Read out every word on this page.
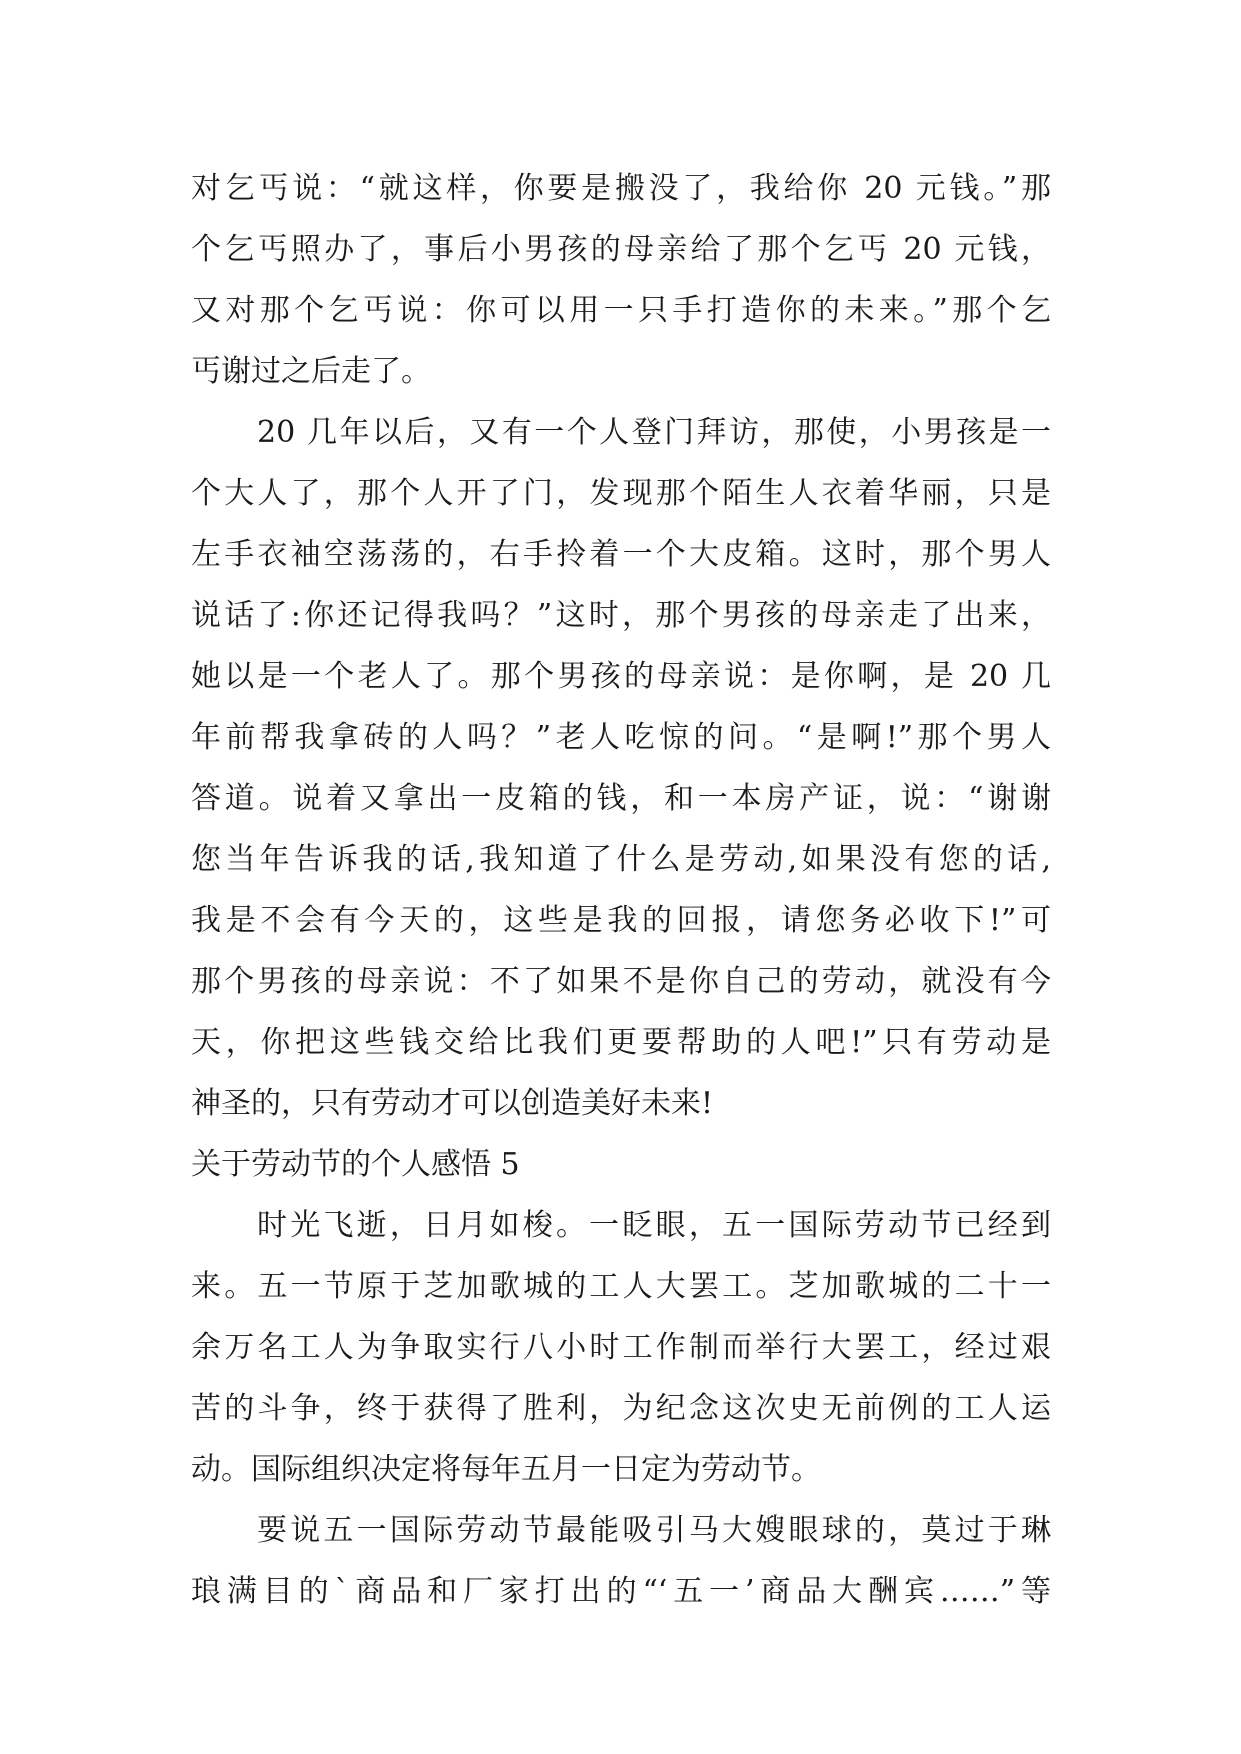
对乞丐说：“就这样，你要是搬没了，我给你 20 元钱。”那
个乞丐照办了，事后小男孩的母亲给了那个乞丐 20 元钱，
又对那个乞丐说：你可以用一只手打造你的未来。”那个乞
丐谢过之后走了。
20 几年以后，又有一个人登门拜访，那使，小男孩是一
个大人了，那个人开了门，发现那个陌生人衣着华丽，只是
左手衣袖空荡荡的，右手拎着一个大皮箱。这时，那个男人
说话了:你还记得我吗？”这时，那个男孩的母亲走了出来，
她以是一个老人了。那个男孩的母亲说：是你啊，是 20 几
年前帮我拿砖的人吗？”老人吃惊的问。“是啊!”那个男人
答道。说着又拿出一皮箱的钱，和一本房产证，说：“谢谢
您当年告诉我的话,我知道了什么是劳动,如果没有您的话,
我是不会有今天的，这些是我的回报，请您务必收下!”可
那个男孩的母亲说：不了如果不是你自己的劳动，就没有今
天，你把这些钱交给比我们更要帮助的人吧!”只有劳动是
神圣的，只有劳动才可以创造美好未来!
关于劳动节的个人感悟 5
时光飞逝，日月如梭。一眨眼，五一国际劳动节已经到
来。五一节原于芝加歌城的工人大罢工。芝加歌城的二十一
余万名工人为争取实行八小时工作制而举行大罢工，经过艰
苦的斗争，终于获得了胜利，为纪念这次史无前例的工人运
动。国际组织决定将每年五月一日定为劳动节。
要说五一国际劳动节最能吸引马大嫂眼球的，莫过于琳
琅满目的`商品和厂家打出的“‘五一’商品大酬宾……”等
